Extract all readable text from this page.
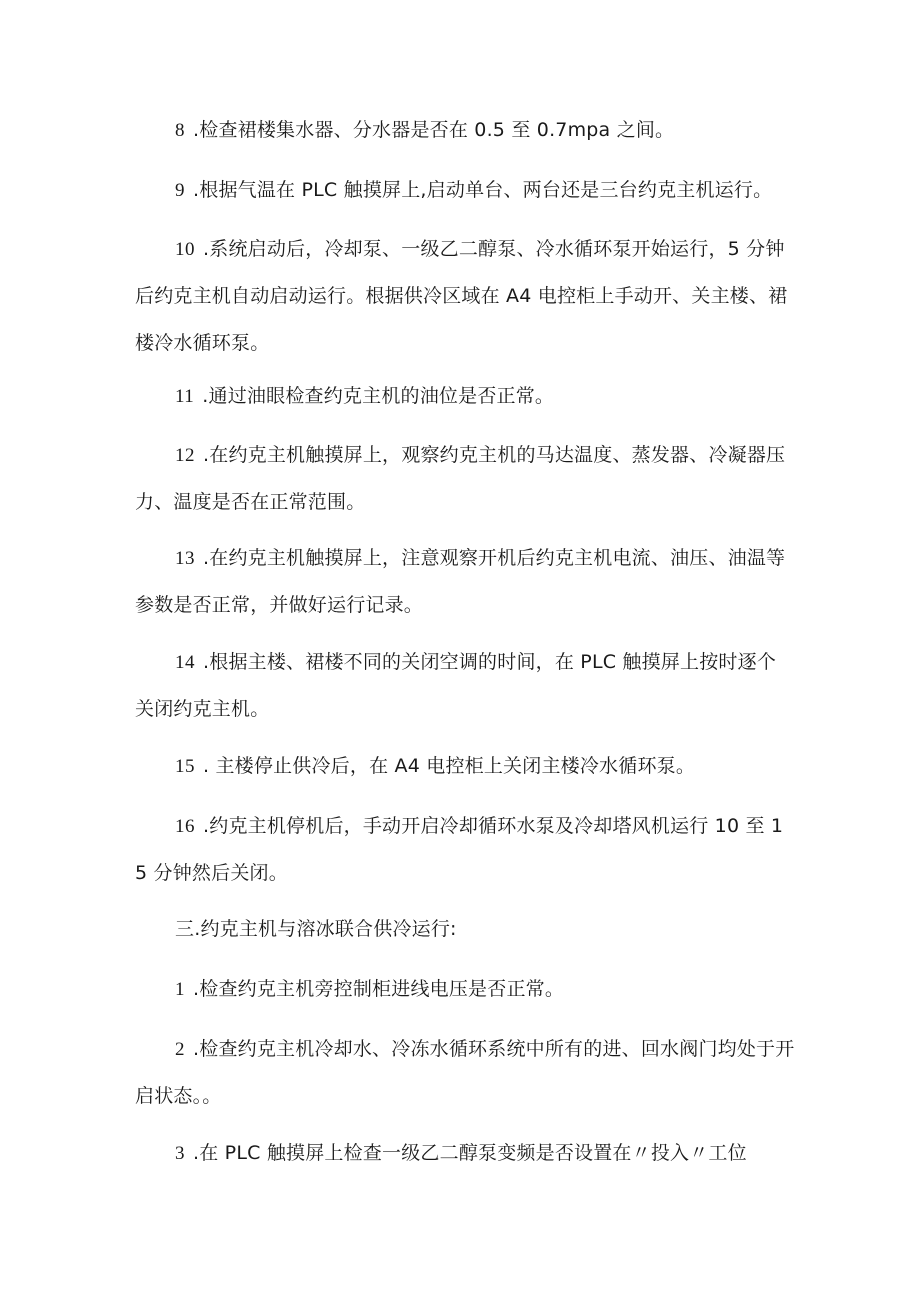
8 .检查裙楼集水器、分水器是否在 0.5 至 0.7mpa 之间。

9 .根据气温在 PLC 触摸屏上,启动单台、两台还是三台约克主机运行。

10 .系统启动后，冷却泵、一级乙二醇泵、冷水循环泵开始运行，5 分钟后约克主机自动启动运行。根据供冷区域在 A4 电控柜上手动开、关主楼、裙楼冷水循环泵。

11 .通过油眼检查约克主机的油位是否正常。

12 .在约克主机触摸屏上，观察约克主机的马达温度、蒸发器、冷凝器压力、温度是否在正常范围。

13 .在约克主机触摸屏上，注意观察开机后约克主机电流、油压、油温等参数是否正常，并做好运行记录。

14 .根据主楼、裙楼不同的关闭空调的时间，在 PLC 触摸屏上按时逐个关闭约克主机。

15 . 主楼停止供冷后，在 A4 电控柜上关闭主楼冷水循环泵。

16 .约克主机停机后，手动开启冷却循环水泵及冷却塔风机运行 10 至 15 分钟然后关闭。

三.约克主机与溶冰联合供冷运行:

1 .检查约克主机旁控制柜进线电压是否正常。

2 .检查约克主机冷却水、冷冻水循环系统中所有的进、回水阀门均处于开启状态。。

3 .在 PLC 触摸屏上检查一级乙二醇泵变频是否设置在〃投入〃工位
